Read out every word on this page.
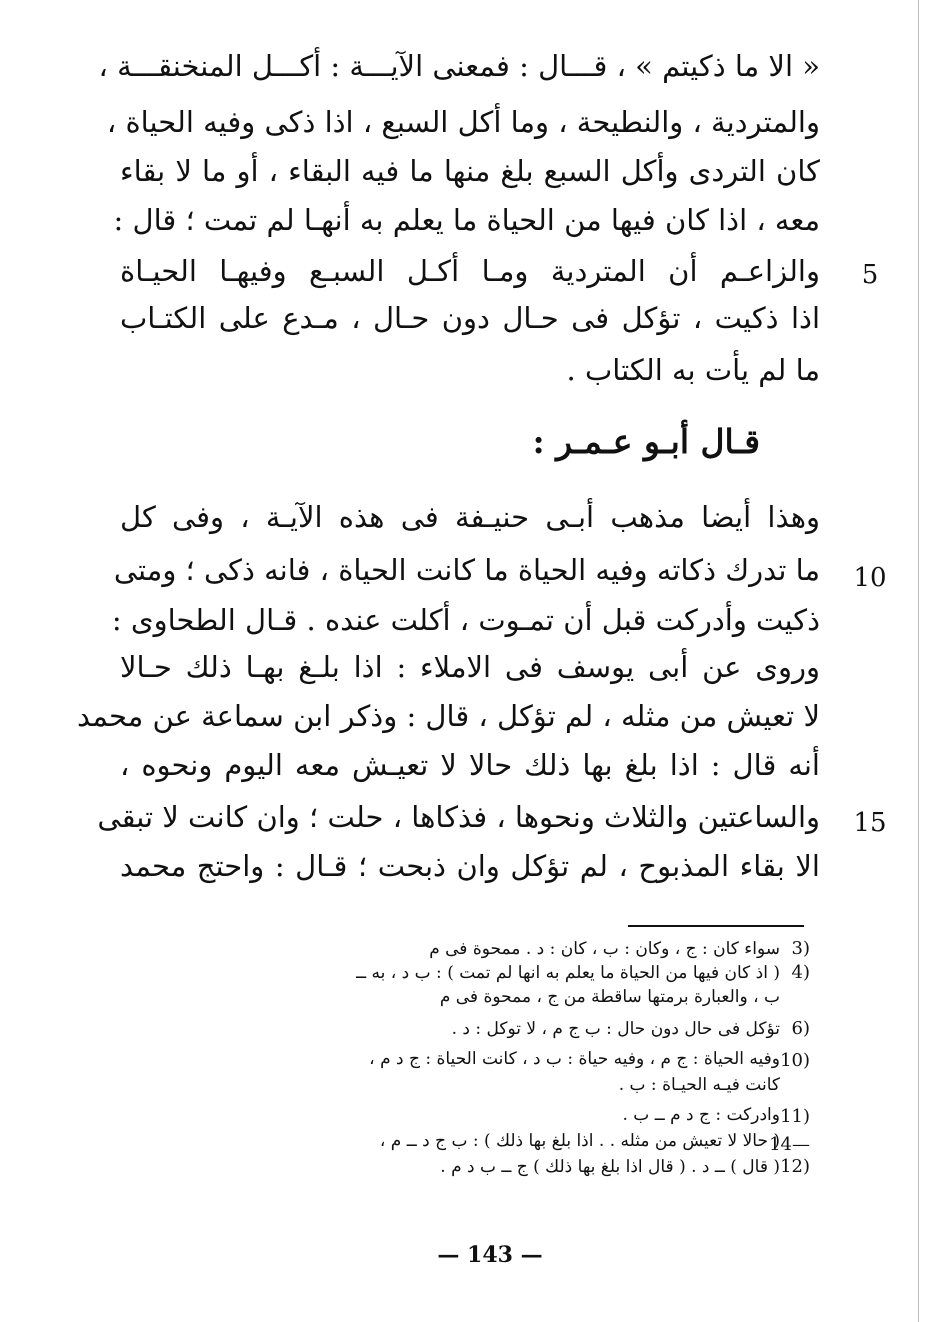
« الا ما ذكيتم » ، قـــال : فمعنى الآيـــة : أكـــل المنخنقـــة ،
والمتردية ، والنطيحة ، وما أكل السبع ، اذا ذكى وفيه الحياة ،
كان التردى وأكل السبع بلغ منها ما فيه البقاء ، أو ما لا بقاء
معه ، اذا كان فيها من الحياة ما يعلم به أنهـا لم تمت ؛ قال :
والزاعـم أن المتردية ومـا أكـل السبـع وفيهـا الحيـاة
اذا ذكيت ، تؤكل فى حـال دون حـال ، مـدع على الكتـاب
ما لم يأت به الكتاب .
5
قـال أبـو عـمـر :
وهذا أيضا مذهب أبـى حنيـفة فى هذه الآيـة ، وفى كل
ما تدرك ذكاته وفيه الحياة ما كانت الحياة ، فانه ذكى ؛ ومتى
ذكيت وأدركت قبل أن تمـوت ، أكلت عنده . قـال الطحاوى :
وروى عن أبى يوسف فى الاملاء : اذا بلـغ بهـا ذلك حـالا
لا تعيش من مثله ، لم تؤكل ، قال : وذكر ابن سماعة عن محمد
أنه قال : اذا بلغ بها ذلك حالا لا تعيـش معه اليوم ونحوه ،
والساعتين والثلاث ونحوها ، فذكاها ، حلت ؛ وان كانت لا تبقى
الا بقاء المذبوح ، لم تؤكل وان ذبحت ؛ قـال : واحتج محمد
10
15
3)
سواء كان : ج ، وكان : ب ، كان : د . ممحوة فى م
4)
( اذ كان فيها من الحياة ما يعلم به انها لم تمت ) : ب د ، به ــ
ب ، والعبارة برمتها ساقطة من ج ، ممحوة فى م
6)
تؤكل فى حال دون حال : ب ج م ، لا توكل : د .
10)
وفيه الحياة : ج م ، وفيه حياة : ب د ، كانت الحياة : ج د م ،
كانت فيـه الحيـاة : ب .
11)
وادركت : ج د م ــ ب .
14—12)
( حالا لا تعيش من مثله . . اذا بلغ بها ذلك ) : ب ج د ــ م ،
( قال ) ــ د . ( قال اذا بلغ بها ذلك ) ج ــ ب د م .
— 143 —
